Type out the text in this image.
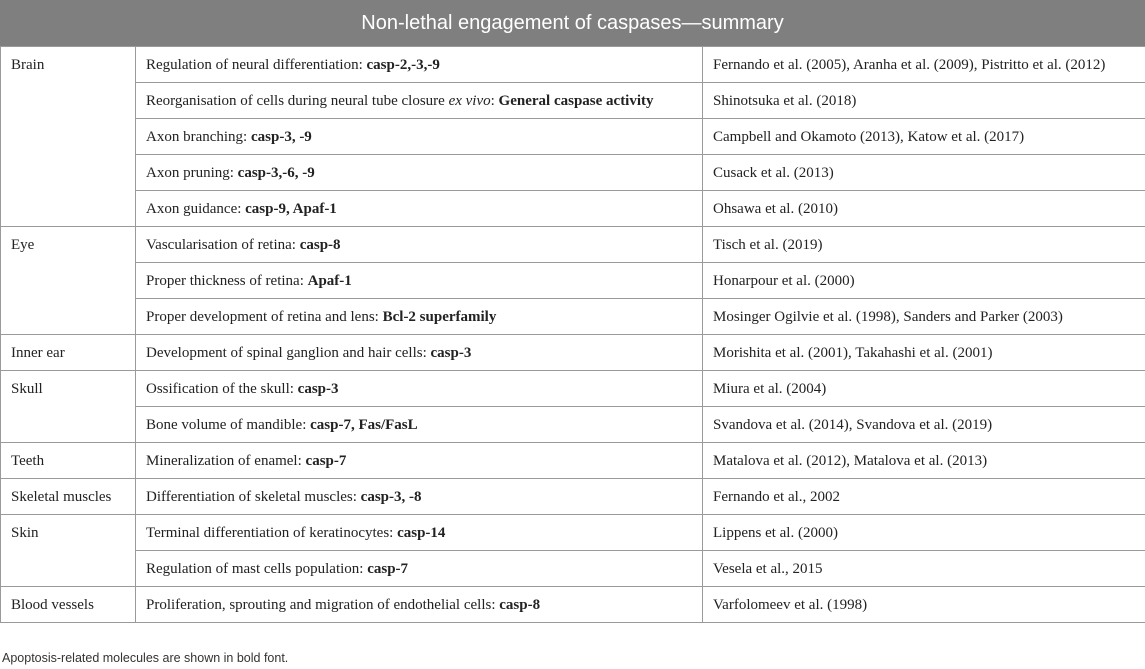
Non-lethal engagement of caspases—summary
Brain	Regulation of neural differentiation: casp-2,-3,-9	Fernando et al. (2005), Aranha et al. (2009), Pistritto et al. (2012)
	Reorganisation of cells during neural tube closure ex vivo: General caspase activity	Shinotsuka et al. (2018)
	Axon branching: casp-3, -9	Campbell and Okamoto (2013), Katow et al. (2017)
	Axon pruning: casp-3,-6, -9	Cusack et al. (2013)
	Axon guidance: casp-9, Apaf-1	Ohsawa et al. (2010)
Eye	Vascularisation of retina: casp-8	Tisch et al. (2019)
	Proper thickness of retina: Apaf-1	Honarpour et al. (2000)
	Proper development of retina and lens: Bcl-2 superfamily	Mosinger Ogilvie et al. (1998), Sanders and Parker (2003)
Inner ear	Development of spinal ganglion and hair cells: casp-3	Morishita et al. (2001), Takahashi et al. (2001)
Skull	Ossification of the skull: casp-3	Miura et al. (2004)
	Bone volume of mandible: casp-7, Fas/FasL	Svandova et al. (2014), Svandova et al. (2019)
Teeth	Mineralization of enamel: casp-7	Matalova et al. (2012), Matalova et al. (2013)
Skeletal muscles	Differentiation of skeletal muscles: casp-3, -8	Fernando et al., 2002
Skin	Terminal differentiation of keratinocytes: casp-14	Lippens et al. (2000)
	Regulation of mast cells population: casp-7	Vesela et al., 2015
Blood vessels	Proliferation, sprouting and migration of endothelial cells: casp-8	Varfolomeev et al. (1998)
Apoptosis-related molecules are shown in bold font.
